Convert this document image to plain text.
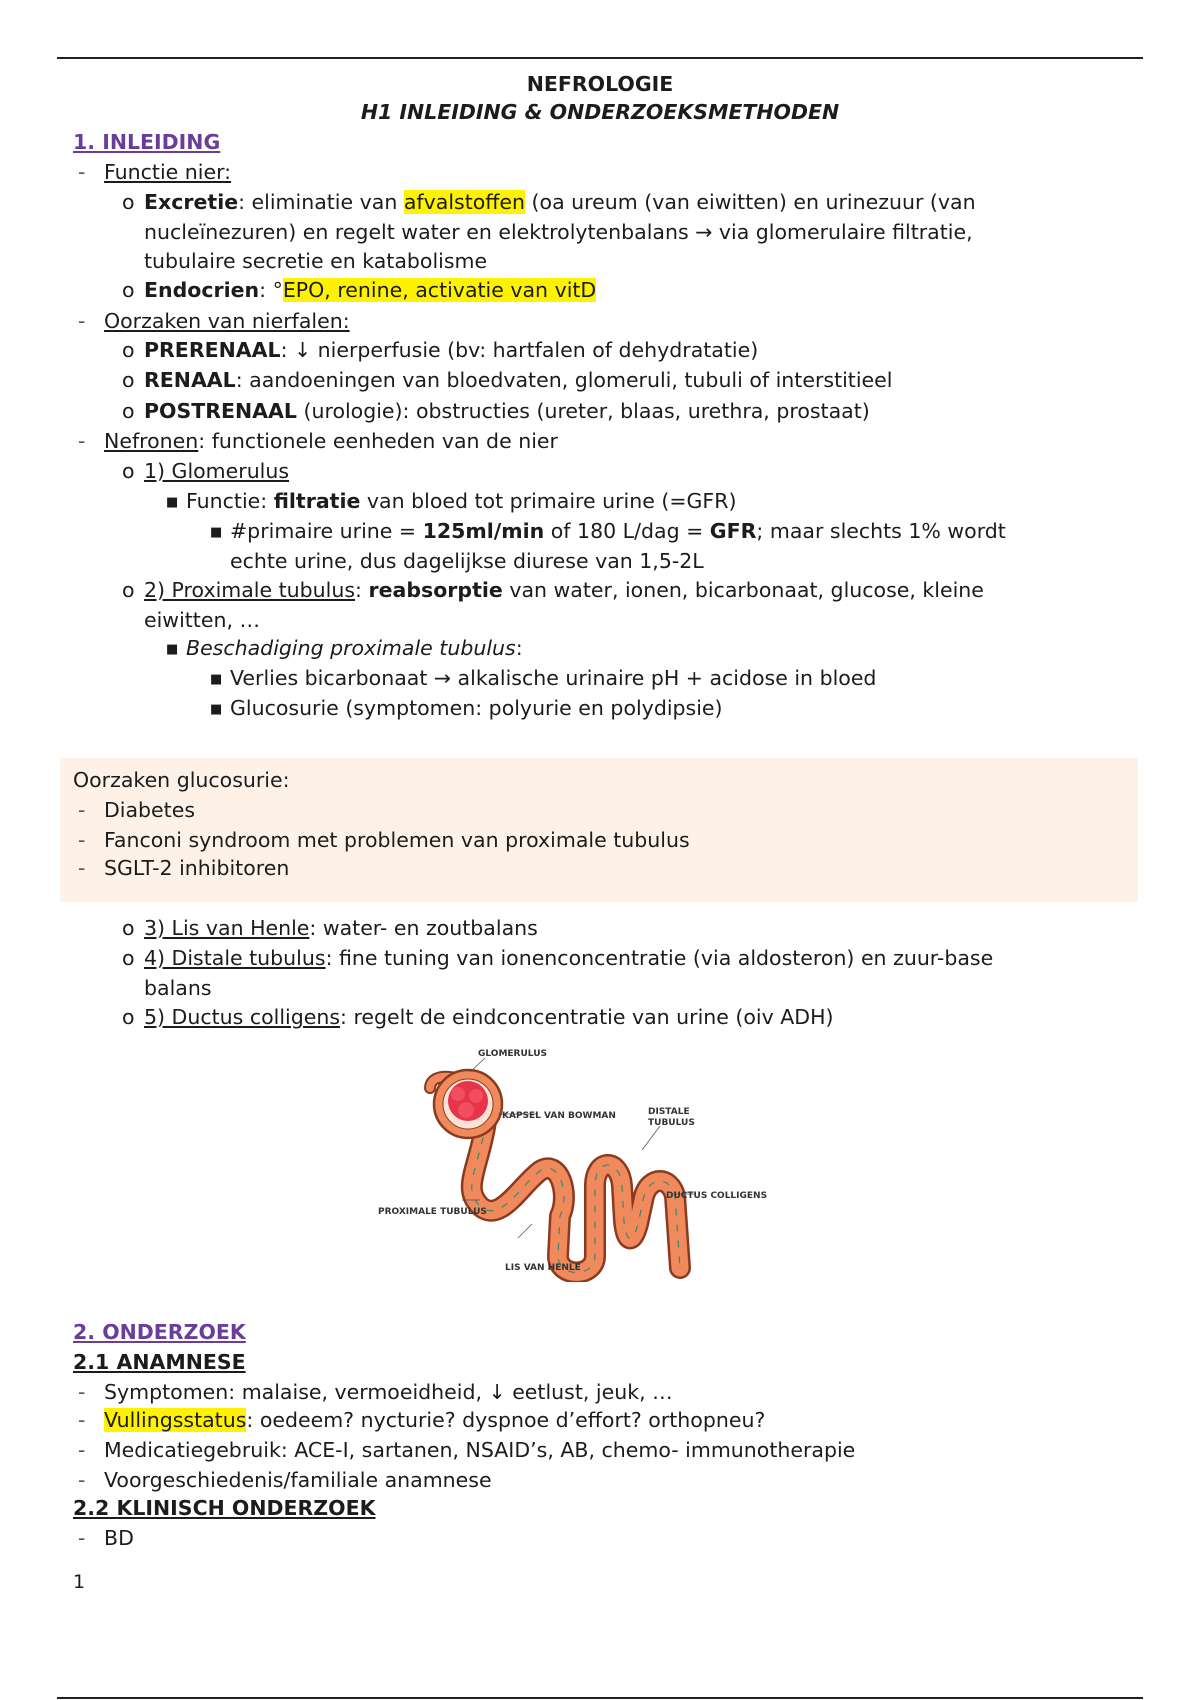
NEFROLOGIE
H1 INLEIDING & ONDERZOEKSMETHODEN
1. INLEIDING
- Functie nier:
o Excretie: eliminatie van afvalstoffen (oa ureum (van eiwitten) en urinezuur (van
nucleïnezuren) en regelt water en elektrolytenbalans → via glomerulaire filtratie,
tubulaire secretie en katabolisme
o Endocrien: °EPO, renine, activatie van vitD
- Oorzaken van nierfalen:
o PRERENAAL: ↓ nierperfusie (bv: hartfalen of dehydratatie)
o RENAAL: aandoeningen van bloedvaten, glomeruli, tubuli of interstitieel
o POSTRENAAL (urologie): obstructies (ureter, blaas, urethra, prostaat)
- Nefronen: functionele eenheden van de nier
o 1) Glomerulus
■ Functie: filtratie van bloed tot primaire urine (=GFR)
■ #primaire urine = 125ml/min of 180 L/dag = GFR; maar slechts 1% wordt
echte urine, dus dagelijkse diurese van 1,5-2L
o 2) Proximale tubulus: reabsorptie van water, ionen, bicarbonaat, glucose, kleine
eiwitten, …
■ Beschadiging proximale tubulus:
■ Verlies bicarbonaat → alkalische urinaire pH + acidose in bloed
■ Glucosurie (symptomen: polyurie en polydipsie)
Oorzaken glucosurie:
- Diabetes
- Fanconi syndroom met problemen van proximale tubulus
- SGLT-2 inhibitoren
o 3) Lis van Henle: water- en zoutbalans
o 4) Distale tubulus: fine tuning van ionenconcentratie (via aldosteron) en zuur-base
balans
o 5) Ductus colligens: regelt de eindconcentratie van urine (oiv ADH)
2. ONDERZOEK
2.1 ANAMNESE
- Symptomen: malaise, vermoeidheid, ↓ eetlust, jeuk, …
- Vullingsstatus: oedeem? nycturie? dyspnoe d’effort? orthopneu?
- Medicatiegebruik: ACE-I, sartanen, NSAID’s, AB, chemo- immunotherapie
- Voorgeschiedenis/familiale anamnese
2.2 KLINISCH ONDERZOEK
- BD
GLOMERULUS
KAPSEL VAN BOWMAN	DISTALE
TUBULUS
DUCTUS COLLIGENS
PROXIMALE TUBULUS
LIS VAN HENLE
1
